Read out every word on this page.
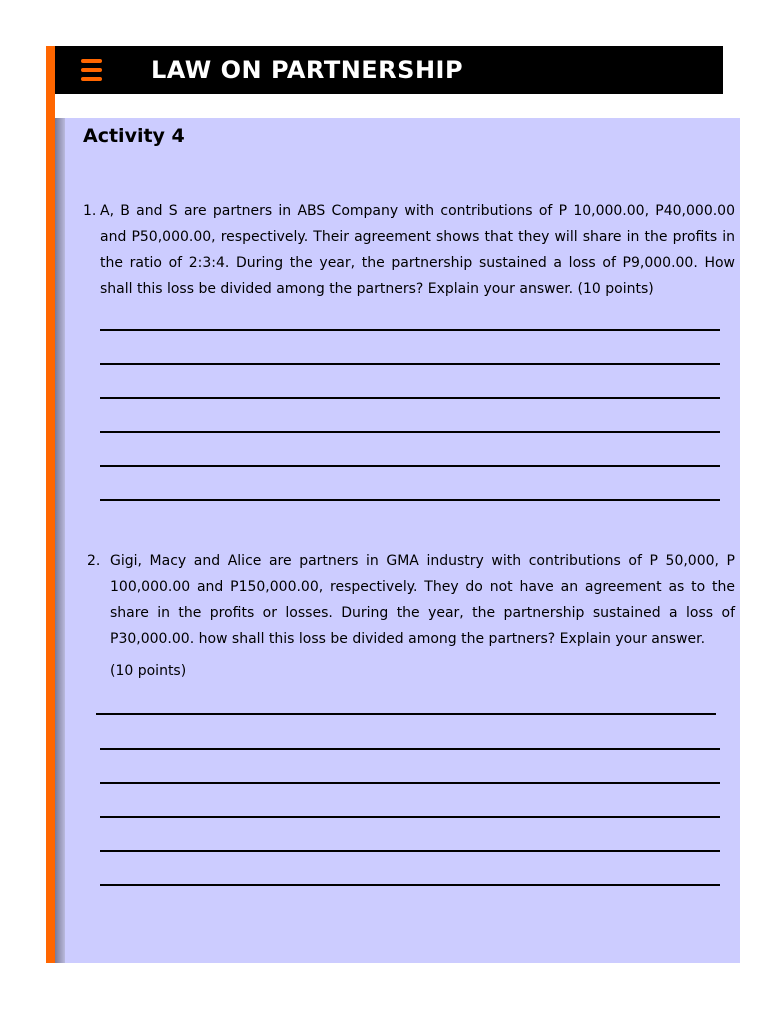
LAW ON PARTNERSHIP
Activity 4
1. A, B and S are partners in ABS Company with contributions of P 10,000.00, P40,000.00 and P50,000.00, respectively. Their agreement shows that they will share in the profits in the ratio of 2:3:4. During the year, the partnership sustained a loss of P9,000.00. How shall this loss be divided among the partners? Explain your answer. (10 points)
2. Gigi, Macy and Alice are partners in GMA industry with contributions of P 50,000, P 100,000.00 and P150,000.00, respectively. They do not have an agreement as to the share in the profits or losses. During the year, the partnership sustained a loss of P30,000.00. how shall this loss be divided among the partners? Explain your answer.
(10 points)
